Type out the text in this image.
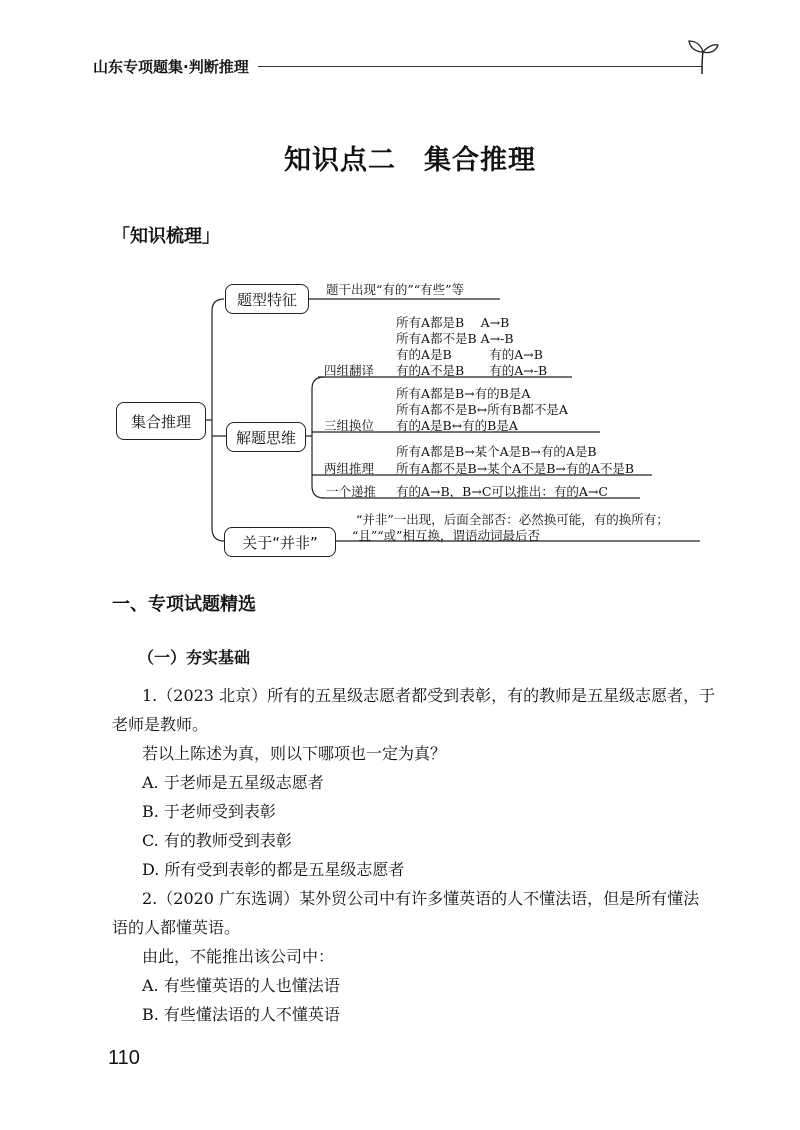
山东专项题集·判断推理
知识点二　集合推理
「知识梳理」
集合推理
题型特征
解题思维
关于“并非”
题干出现“有的”“有些”等
四组翻译
所有A都是B　 A→B
所有A都不是B A→-B
有的A是B　　　有的A→B
有的A不是B　　有的A→-B
三组换位
所有A都是B→有的B是A
所有A都不是B↔所有B都不是A
有的A是B↔有的B是A
两组推理
所有A都是B→某个A是B→有的A是B
所有A都不是B→某个A不是B→有的A不是B
一个递推 有的A→B，B→C可以推出：有的A→C
“并非”一出现，后面全部否：必然换可能，有的换所有；
“且”“或”相互换，谓语动词最后否
一、专项试题精选
（一）夯实基础
1.（2023 北京）所有的五星级志愿者都受到表彰，有的教师是五星级志愿者，于
老师是教师。
若以上陈述为真，则以下哪项也一定为真？
A. 于老师是五星级志愿者
B. 于老师受到表彰
C. 有的教师受到表彰
D. 所有受到表彰的都是五星级志愿者
2.（2020 广东选调）某外贸公司中有许多懂英语的人不懂法语，但是所有懂法
语的人都懂英语。
由此，不能推出该公司中：
A. 有些懂英语的人也懂法语
B. 有些懂法语的人不懂英语
110
